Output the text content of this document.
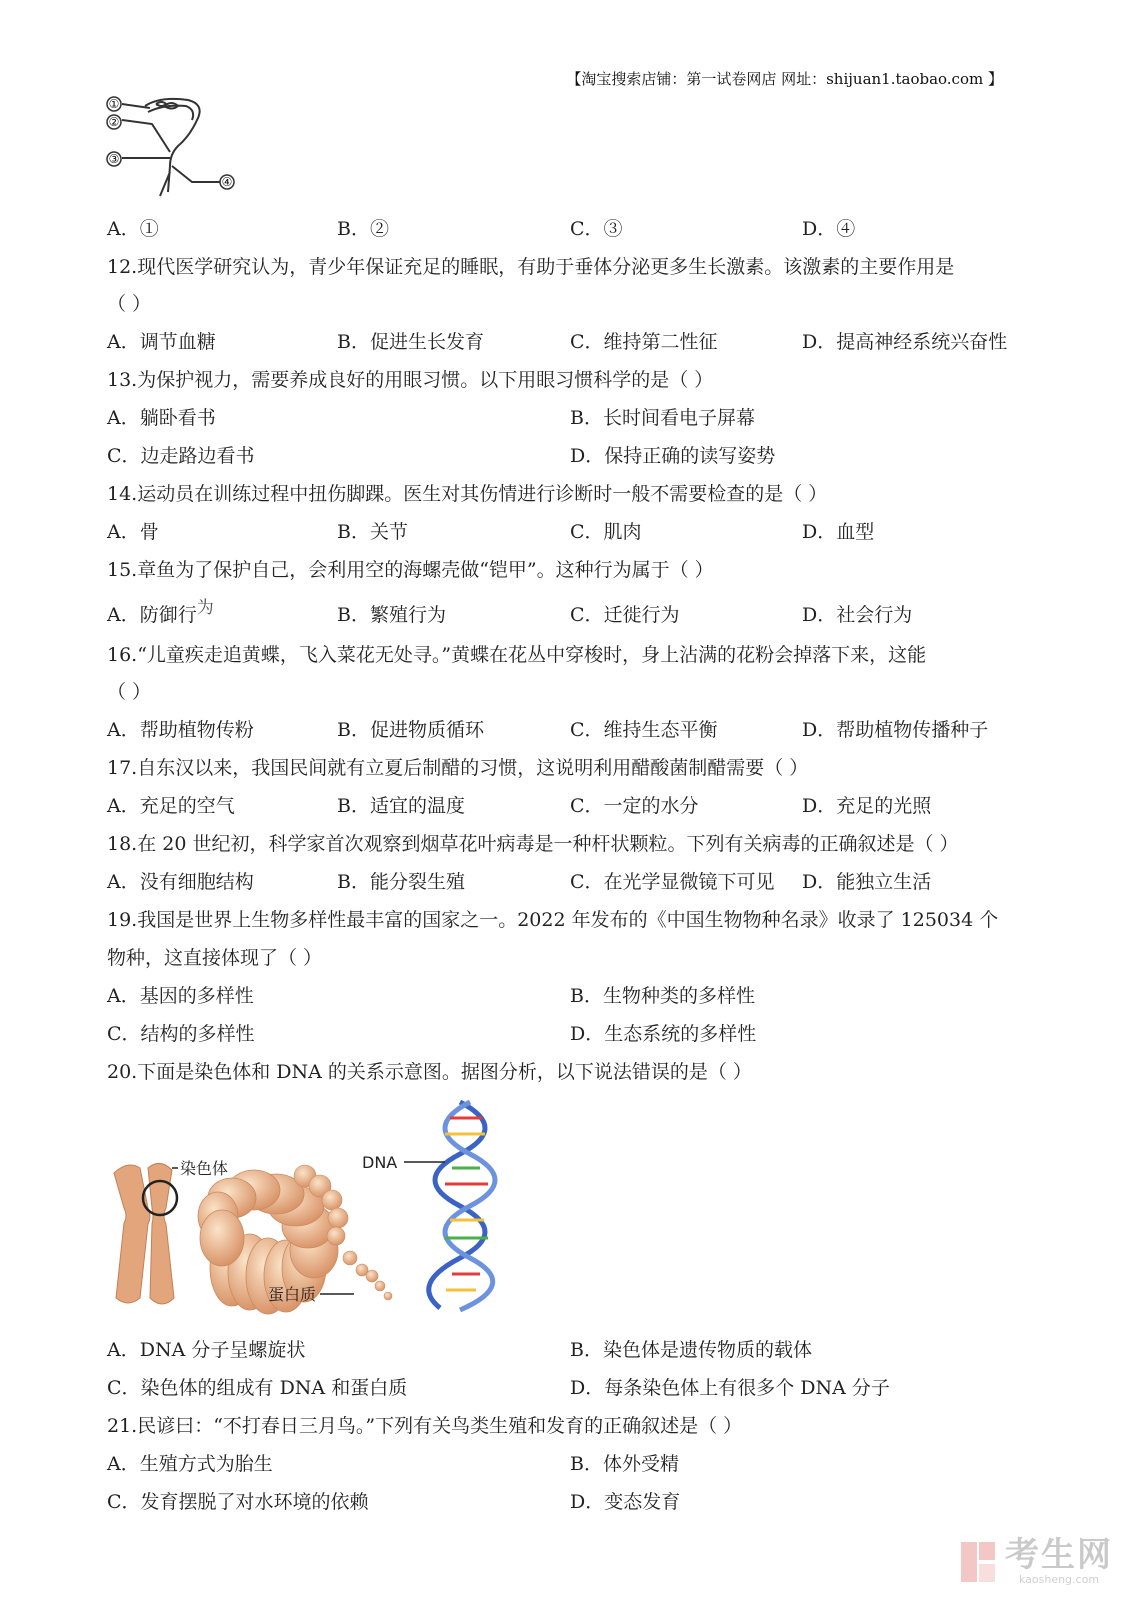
【淘宝搜索店铺：第一试卷网店 网址：shijuan1.taobao.com 】
①
②
③
④
A．①	B．②	C．③	D．④
12.现代医学研究认为，青少年保证充足的睡眠，有助于垂体分泌更多生长激素。该激素的主要作用是
（ ）
A．调节血糖	B．促进生长发育	C．维持第二性征	D．提高神经系统兴奋性
13.为保护视力，需要养成良好的用眼习惯。以下用眼习惯科学的是（ ）
A．躺卧看书	B．长时间看电子屏幕
C．边走路边看书	D．保持正确的读写姿势
14.运动员在训练过程中扭伤脚踝。医生对其伤情进行诊断时一般不需要检查的是（ ）
A．骨	B．关节	C．肌肉	D．血型
15.章鱼为了保护自己，会利用空的海螺壳做“铠甲”。这种行为属于（ ）
A．防御行为	B．繁殖行为	C．迁徙行为	D．社会行为
16.“儿童疾走追黄蝶，飞入菜花无处寻。”黄蝶在花丛中穿梭时，身上沾满的花粉会掉落下来，这能
（ ）
A．帮助植物传粉	B．促进物质循环	C．维持生态平衡	D．帮助植物传播种子
17.自东汉以来，我国民间就有立夏后制醋的习惯，这说明利用醋酸菌制醋需要（ ）
A．充足的空气	B．适宜的温度	C．一定的水分	D．充足的光照
18.在 20 世纪初，科学家首次观察到烟草花叶病毒是一种杆状颗粒。下列有关病毒的正确叙述是（ ）
A．没有细胞结构	B．能分裂生殖	C．在光学显微镜下可见 D．能独立生活
19.我国是世界上生物多样性最丰富的国家之一。2022 年发布的《中国生物物种名录》收录了 125034 个
物种，这直接体现了（ ）
A．基因的多样性	B．生物种类的多样性
C．结构的多样性	D．生态系统的多样性
20.下面是染色体和 DNA 的关系示意图。据图分析，以下说法错误的是（ ）
染色体	DNA
蛋白质
A．DNA 分子呈螺旋状	B．染色体是遗传物质的载体
C．染色体的组成有 DNA 和蛋白质	D．每条染色体上有很多个 DNA 分子
21.民谚曰：“不打春日三月鸟。”下列有关鸟类生殖和发育的正确叙述是（ ）
A．生殖方式为胎生	B．体外受精
C．发育摆脱了对水环境的依赖	D．变态发育
考生网
kaosheng.com
